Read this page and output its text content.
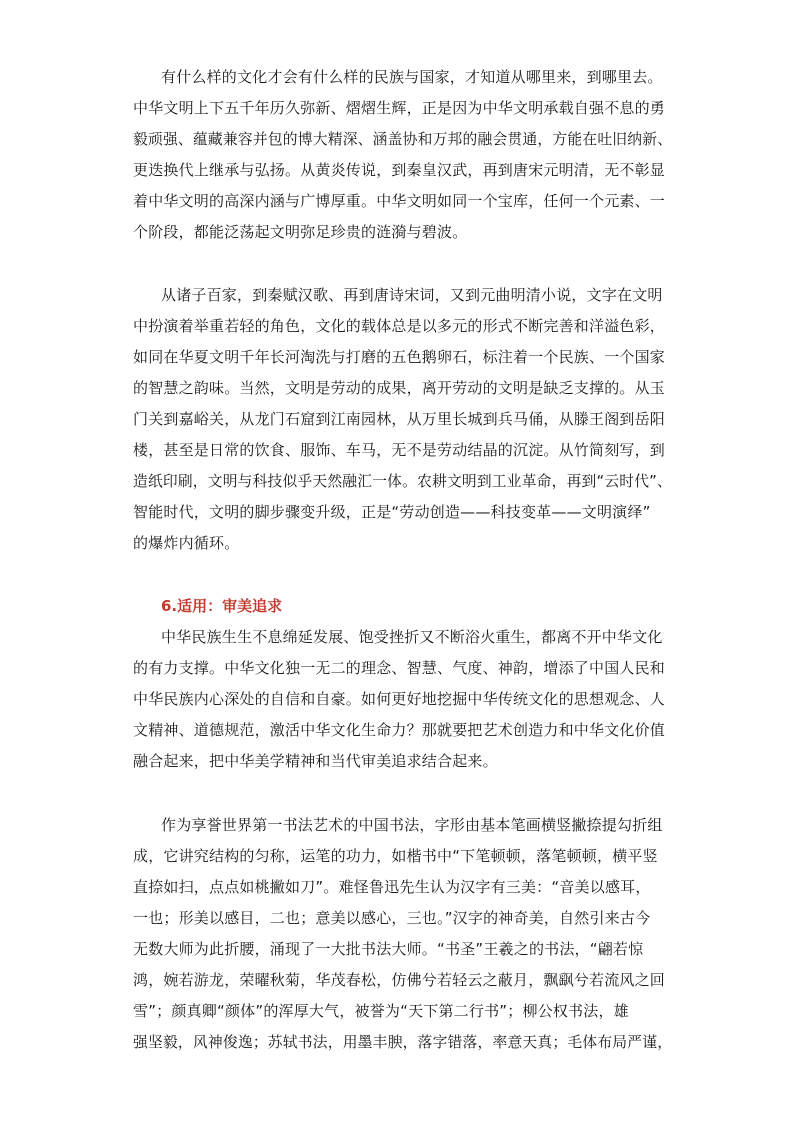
有什么样的文化才会有什么样的民族与国家，才知道从哪里来，到哪里去。
中华文明上下五千年历久弥新、熠熠生辉，正是因为中华文明承载自强不息的勇
毅顽强、蕴藏兼容并包的博大精深、涵盖协和万邦的融会贯通，方能在吐旧纳新、
更迭换代上继承与弘扬。从黄炎传说，到秦皇汉武，再到唐宋元明清，无不彰显
着中华文明的高深内涵与广博厚重。中华文明如同一个宝库，任何一个元素、一
个阶段，都能泛荡起文明弥足珍贵的涟漪与碧波。
从诸子百家，到秦赋汉歌、再到唐诗宋词，又到元曲明清小说，文字在文明
中扮演着举重若轻的角色，文化的载体总是以多元的形式不断完善和洋溢色彩，
如同在华夏文明千年长河淘洗与打磨的五色鹅卵石，标注着一个民族、一个国家
的智慧之韵味。当然，文明是劳动的成果，离开劳动的文明是缺乏支撑的。从玉
门关到嘉峪关，从龙门石窟到江南园林，从万里长城到兵马俑，从滕王阁到岳阳
楼，甚至是日常的饮食、服饰、车马，无不是劳动结晶的沉淀。从竹简刻写，到
造纸印刷，文明与科技似乎天然融汇一体。农耕文明到工业革命，再到“云时代”、
智能时代，文明的脚步骤变升级，正是“劳动创造——科技变革——文明演绎”
的爆炸内循环。
6.适用：审美追求
中华民族生生不息绵延发展、饱受挫折又不断浴火重生，都离不开中华文化
的有力支撑。中华文化独一无二的理念、智慧、气度、神韵，增添了中国人民和
中华民族内心深处的自信和自豪。如何更好地挖掘中华传统文化的思想观念、人
文精神、道德规范，激活中华文化生命力？那就要把艺术创造力和中华文化价值
融合起来，把中华美学精神和当代审美追求结合起来。
作为享誉世界第一书法艺术的中国书法，字形由基本笔画横竖撇捺提勾折组
成，它讲究结构的匀称，运笔的功力，如楷书中“下笔顿顿，落笔顿顿，横平竖
直捺如扫，点点如桃撇如刀”。难怪鲁迅先生认为汉字有三美：“音美以感耳，
一也；形美以感目，二也；意美以感心，三也。”汉字的神奇美，自然引来古今
无数大师为此折腰，涌现了一大批书法大师。“书圣”王羲之的书法，“翩若惊
鸿，婉若游龙，荣曜秋菊，华茂春松，仿佛兮若轻云之蔽月，飘飖兮若流风之回
雪”；颜真卿“颜体”的浑厚大气，被誉为“天下第二行书”；柳公权书法，雄
强坚毅，风神俊逸；苏轼书法，用墨丰腴，落字错落，率意天真；毛体布局严谨，
